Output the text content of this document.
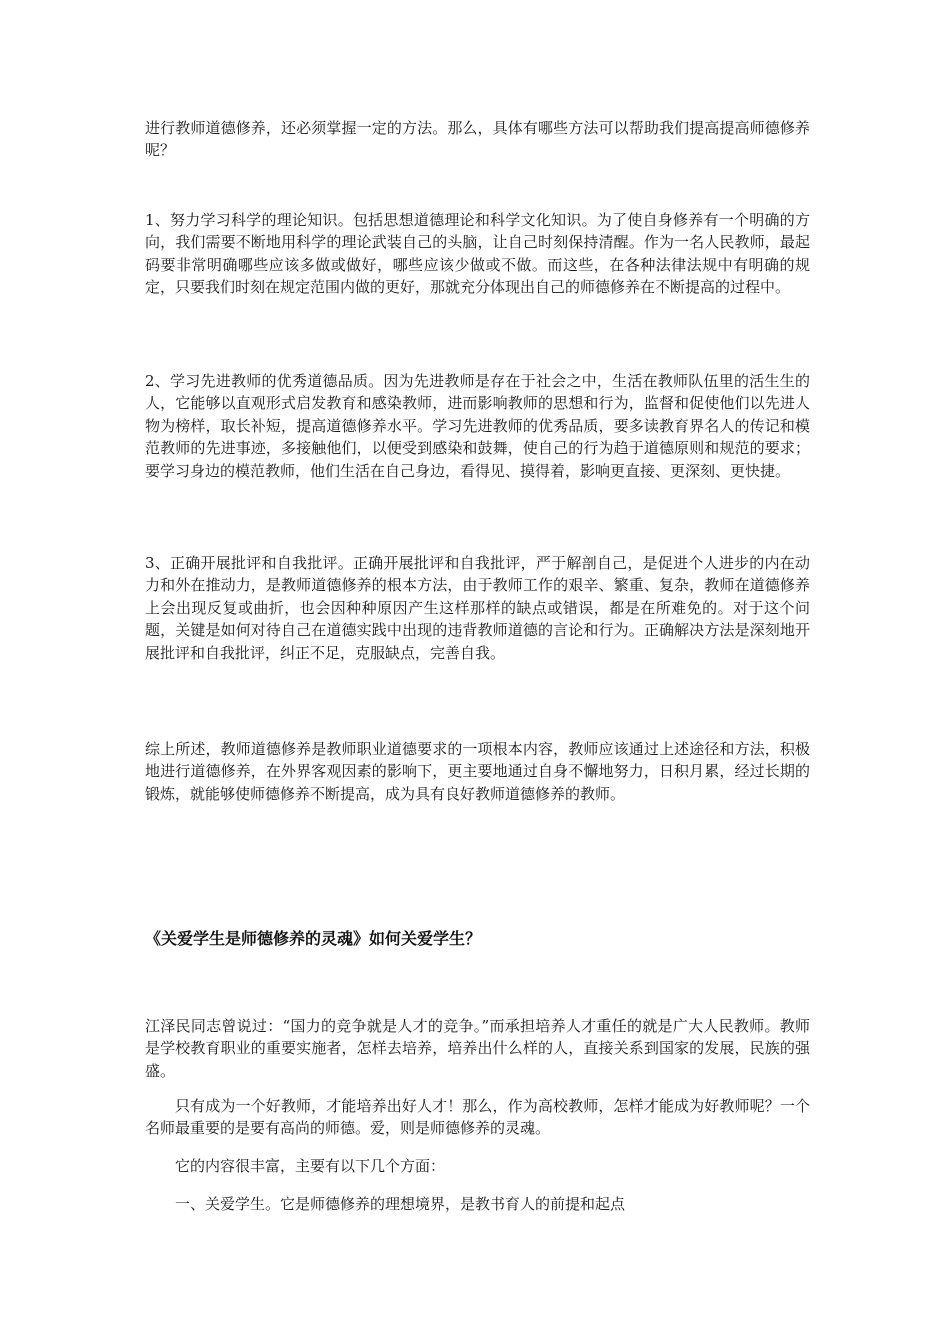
进行教师道德修养，还必须掌握一定的方法。那么，具体有哪些方法可以帮助我们提高提高师德修养呢？

1、努力学习科学的理论知识。包括思想道德理论和科学文化知识。为了使自身修养有一个明确的方向，我们需要不断地用科学的理论武装自己的头脑，让自己时刻保持清醒。作为一名人民教师，最起码要非常明确哪些应该多做或做好，哪些应该少做或不做。而这些，在各种法律法规中有明确的规定，只要我们时刻在规定范围内做的更好，那就充分体现出自己的师德修养在不断提高的过程中。

2、学习先进教师的优秀道德品质。因为先进教师是存在于社会之中，生活在教师队伍里的活生生的人，它能够以直观形式启发教育和感染教师，进而影响教师的思想和行为，监督和促使他们以先进人物为榜样，取长补短，提高道德修养水平。学习先进教师的优秀品质，要多读教育界名人的传记和模范教师的先进事迹，多接触他们，以便受到感染和鼓舞，使自己的行为趋于道德原则和规范的要求；要学习身边的模范教师，他们生活在自己身边，看得见、摸得着，影响更直接、更深刻、更快捷。

3、正确开展批评和自我批评。正确开展批评和自我批评，严于解剖自己，是促进个人进步的内在动力和外在推动力，是教师道德修养的根本方法，由于教师工作的艰辛、繁重、复杂，教师在道德修养上会出现反复或曲折，也会因种种原因产生这样那样的缺点或错误，都是在所难免的。对于这个问题，关键是如何对待自己在道德实践中出现的违背教师道德的言论和行为。正确解决方法是深刻地开展批评和自我批评，纠正不足，克服缺点，完善自我。

综上所述，教师道德修养是教师职业道德要求的一项根本内容，教师应该通过上述途径和方法，积极地进行道德修养，在外界客观因素的影响下，更主要地通过自身不懈地努力，日积月累，经过长期的锻炼，就能够使师德修养不断提高，成为具有良好教师道德修养的教师。

《关爱学生是师德修养的灵魂》如何关爱学生？

江泽民同志曾说过：“国力的竞争就是人才的竞争。”而承担培养人才重任的就是广大人民教师。教师是学校教育职业的重要实施者，怎样去培养，培养出什么样的人，直接关系到国家的发展，民族的强盛。

只有成为一个好教师，才能培养出好人才！那么，作为高校教师，怎样才能成为好教师呢？一个名师最重要的是要有高尚的师德。爱，则是师德修养的灵魂。

它的内容很丰富，主要有以下几个方面：

一、关爱学生。它是师德修养的理想境界，是教书育人的前提和起点
